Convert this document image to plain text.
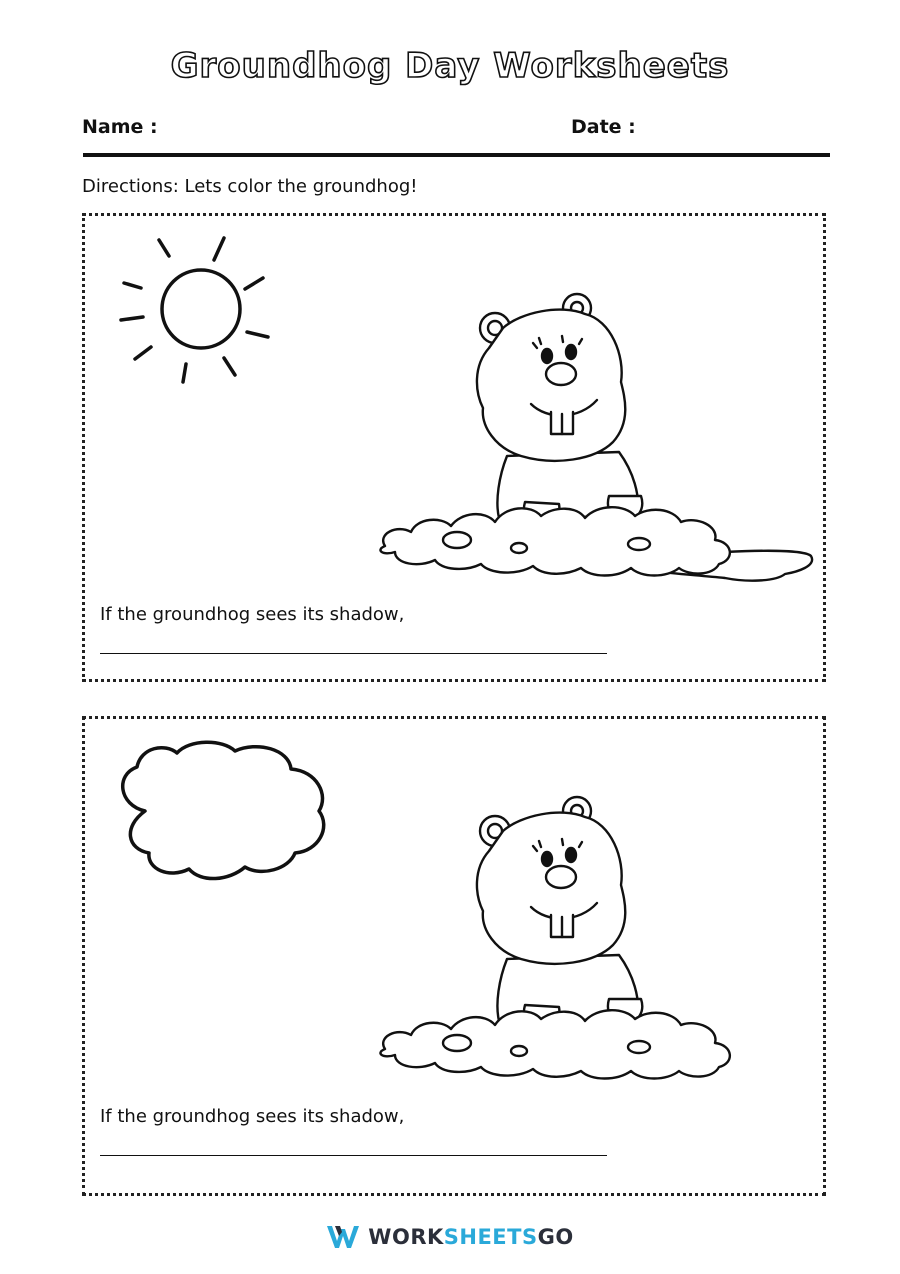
Groundhog Day Worksheets
Name :	Date :
Directions: Lets color the groundhog!
If the groundhog sees its shadow,
If the groundhog sees its shadow,
WORKSHEETSGO
